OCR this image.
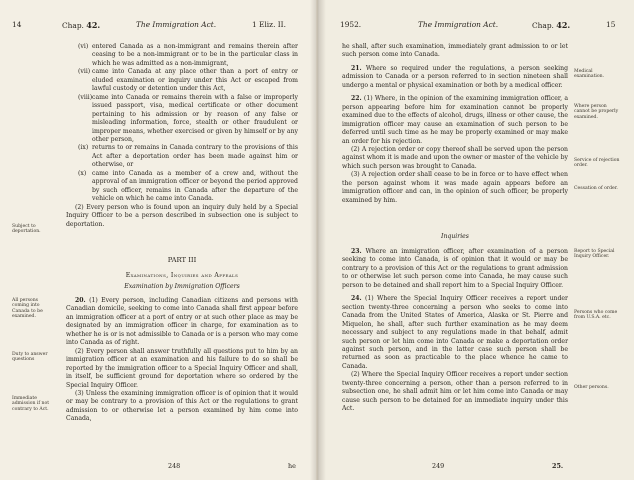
14	Chap. 42.	The Immigration Act.	1 Eliz. II.

(vi) entered Canada as a non-immigrant and remains therein after ceasing to be a non-immigrant or to be in the particular class in which he was admitted as a non-immigrant,

(vii) came into Canada at any place other than a port of entry or eluded examination or inquiry under this Act or escaped from lawful custody or detention under this Act,

(viii)came into Canada or remains therein with a false or improperly issued passport, visa, medical certificate or other document pertaining to his admission or by reason of any false or misleading information, force, stealth or other fraudulent or improper means, whether exercised or given by himself or by any other person,

(ix) returns to or remains in Canada contrary to the provisions of this Act after a deportation order has been made against him or otherwise, or

(x) came into Canada as a member of a crew and, without the approval of an immigration officer or beyond the period approved by such officer, remains in Canada after the departure of the vehicle on which he came into Canada.

(2) Every person who is found upon an inquiry duly held by a Special Inquiry Officer to be a person described in subsection one is subject to deportation.

Subject to deportation.
PART III
Examinations, Inquiries and Appeals
Examination by Immigration Officers

20. (1) Every person, including Canadian citizens and persons with Canadian domicile, seeking to come into Canada shall first appear before an immigration officer at a port of entry or at such other place as may be designated by an immigration officer in charge, for examination as to whether he is or is not admissible to Canada or is a person who may come into Canada as of right.

(2) Every person shall answer truthfully all questions put to him by an immigration officer at an examination and his failure to do so shall be reported by the immigration officer to a Special Inquiry Officer and shall, in itself, be sufficient ground for deportation where so ordered by the Special Inquiry Officer.

(3) Unless the examining immigration officer is of opinion that it would or may be contrary to a provision of this Act or the regulations to grant admission to or otherwise let a person examined by him come into Canada,

All persons coming into Canada to be examined.
Duty to answer questions
Immediate admission if not contrary to Act.
248	he
1952.	The Immigration Act.	Chap. 42.	15

he shall, after such examination, immediately grant admission to or let such person come into Canada.

21. Where so required under the regulations, a person seeking admission to Canada or a person referred to in section nineteen shall undergo a mental or physical examination or both by a medical officer.

22. (1) Where, in the opinion of the examining immigration officer, a person appearing before him for examination cannot be properly examined due to the effects of alcohol, drugs, illness or other cause, the immigration officer may cause an examination of such person to be deferred until such time as he may be properly examined or may make an order for his rejection.

(2) A rejection order or copy thereof shall be served upon the person against whom it is made and upon the owner or master of the vehicle by which such person was brought to Canada.

(3) A rejection order shall cease to be in force or to have effect when the person against whom it was made again appears before an immigration officer and can, in the opinion of such officer, be properly examined by him.

Medical examination.
Where person cannot be properly examined.
Service of rejection order.
Cessation of order.
Inquiries

23. Where an immigration officer, after examination of a person seeking to come into Canada, is of opinion that it would or may be contrary to a provision of this Act or the regulations to grant admission to or otherwise let such person come into Canada, he may cause such person to be detained and shall report him to a Special Inquiry Officer.

24. (1) Where the Special Inquiry Officer receives a report under section twenty-three concerning a person who seeks to come into Canada from the United States of America, Alaska or St. Pierre and Miquelon, he shall, after such further examination as he may deem necessary and subject to any regulations made in that behalf, admit such person or let him come into Canada or make a deportation order against such person, and in the latter case such person shall be returned as soon as practicable to the place whence he came to Canada.

(2) Where the Special Inquiry Officer receives a report under section twenty-three concerning a person, other than a person referred to in subsection one, he shall admit him or let him come into Canada or may cause such person to be detained for an immediate inquiry under this Act.

Report to Special Inquiry Officer.
Persons who come from U.S.A. etc.
Other persons.
249	25.
